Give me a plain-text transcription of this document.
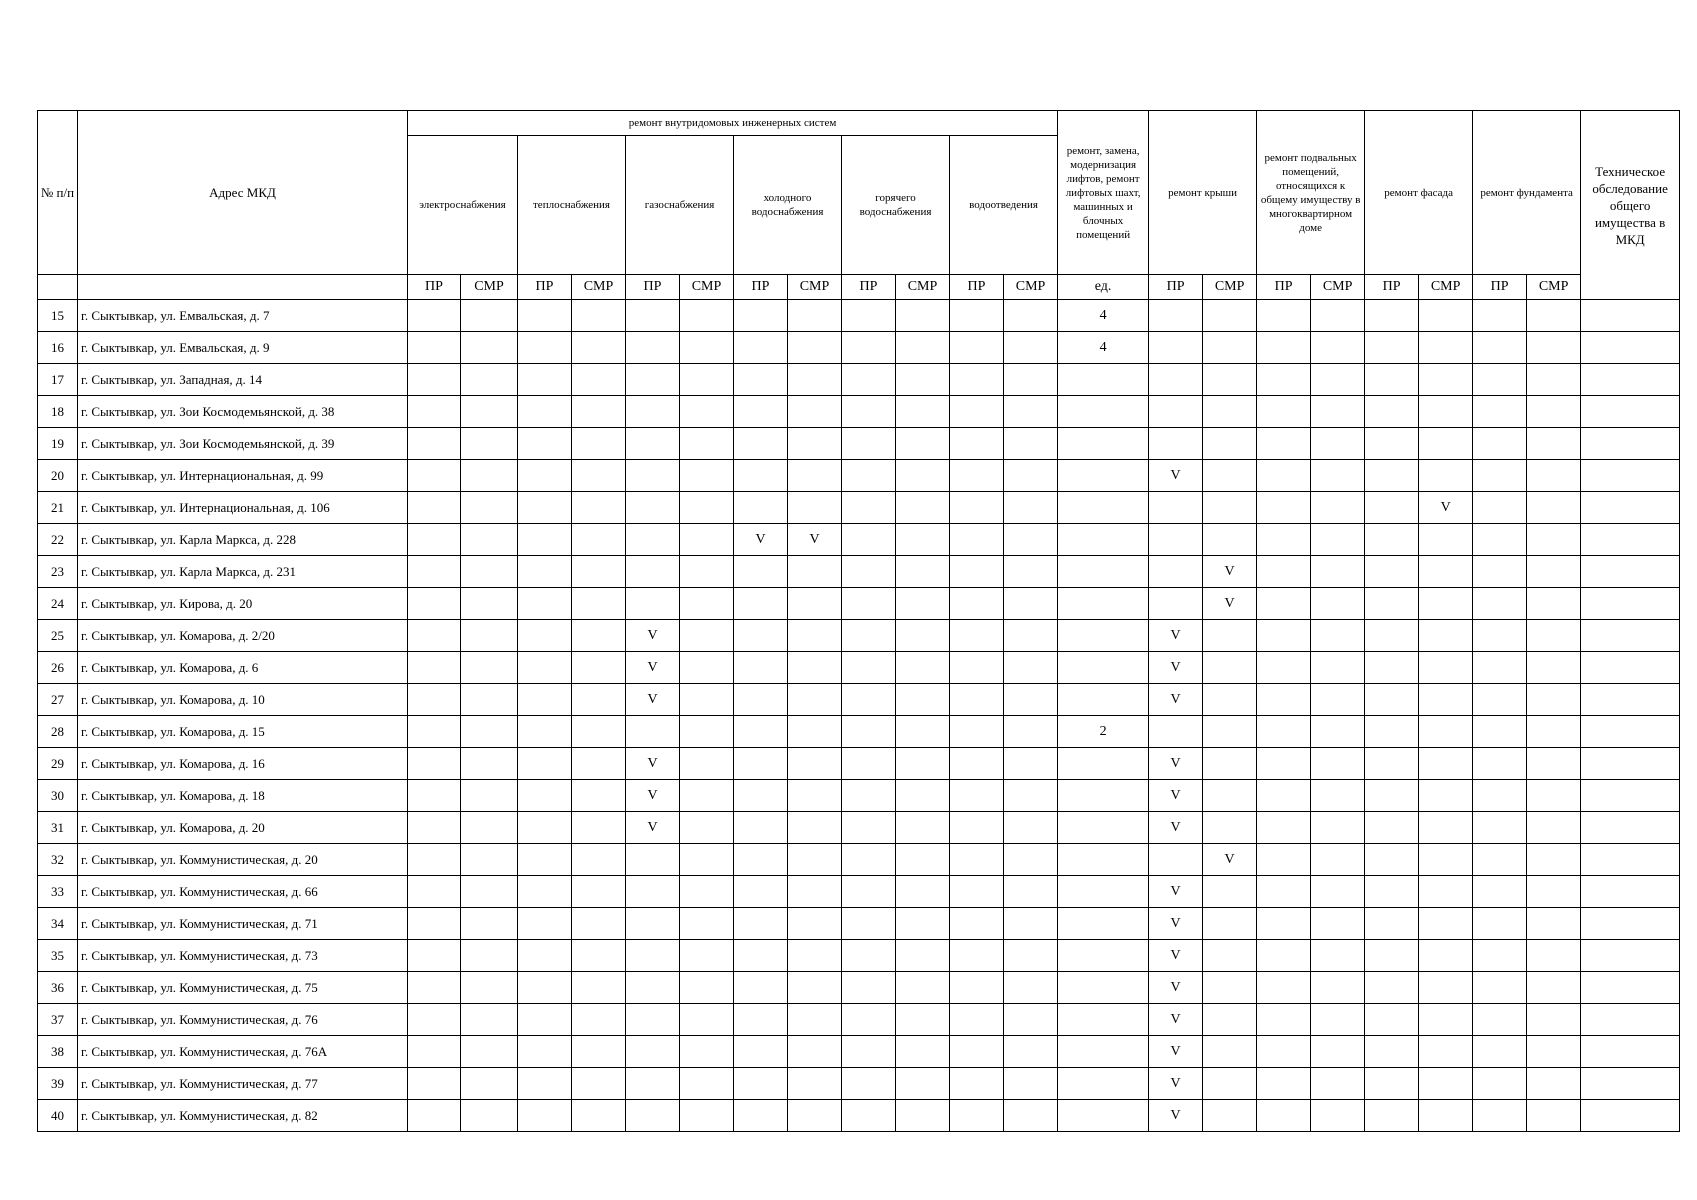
№ п/п	Адрес МКД	ремонт внутридомовых инженерных систем												ремонт, замена, модернизация лифтов, ремонт лифтовых шахт, машинных и блочных помещений	ремонт крыши		ремонт подвальных помещений, относящихся к общему имуществу в многоквартирном доме		ремонт фасада		ремонт фундамента		Техническое обследование общего имущества в МКД	
		электроснабжения		теплоснабжения		газоснабжения		холодного водоснабжения		горячего водоснабжения		водоотведения												
		ПР	СМР	ПР	СМР	ПР	СМР	ПР	СМР	ПР	СМР	ПР	СМР	ед.	ПР	СМР	ПР	СМР	ПР	СМР	ПР	СМР		
15	г. Сыктывкар, ул. Емвальская, д. 7													4										
16	г. Сыктывкар, ул. Емвальская, д. 9													4										
17	г. Сыктывкар, ул. Западная, д. 14																							
18	г. Сыктывкар, ул. Зои Космодемьянской, д. 38																							
19	г. Сыктывкар, ул. Зои Космодемьянской, д. 39																							
20	г. Сыктывкар, ул. Интернациональная, д. 99														V									
21	г. Сыктывкар, ул. Интернациональная, д. 106																			V				
22	г. Сыктывкар, ул. Карла Маркса, д. 228							V	V															
23	г. Сыктывкар, ул. Карла Маркса, д. 231															V								
24	г. Сыктывкар, ул. Кирова, д. 20															V								
25	г. Сыктывкар, ул. Комарова, д. 2/20					V									V									
26	г. Сыктывкар, ул. Комарова, д. 6					V									V									
27	г. Сыктывкар, ул. Комарова, д. 10					V									V									
28	г. Сыктывкар, ул. Комарова, д. 15													2										
29	г. Сыктывкар, ул. Комарова, д. 16					V									V									
30	г. Сыктывкар, ул. Комарова, д. 18					V									V									
31	г. Сыктывкар, ул. Комарова, д. 20					V									V									
32	г. Сыктывкар, ул. Коммунистическая, д. 20															V								
33	г. Сыктывкар, ул. Коммунистическая, д. 66														V									
34	г. Сыктывкар, ул. Коммунистическая, д. 71														V									
35	г. Сыктывкар, ул. Коммунистическая, д. 73														V									
36	г. Сыктывкар, ул. Коммунистическая, д. 75														V									
37	г. Сыктывкар, ул. Коммунистическая, д. 76														V									
38	г. Сыктывкар, ул. Коммунистическая, д. 76А														V									
39	г. Сыктывкар, ул. Коммунистическая, д. 77														V									
40	г. Сыктывкар, ул. Коммунистическая, д. 82														V									
